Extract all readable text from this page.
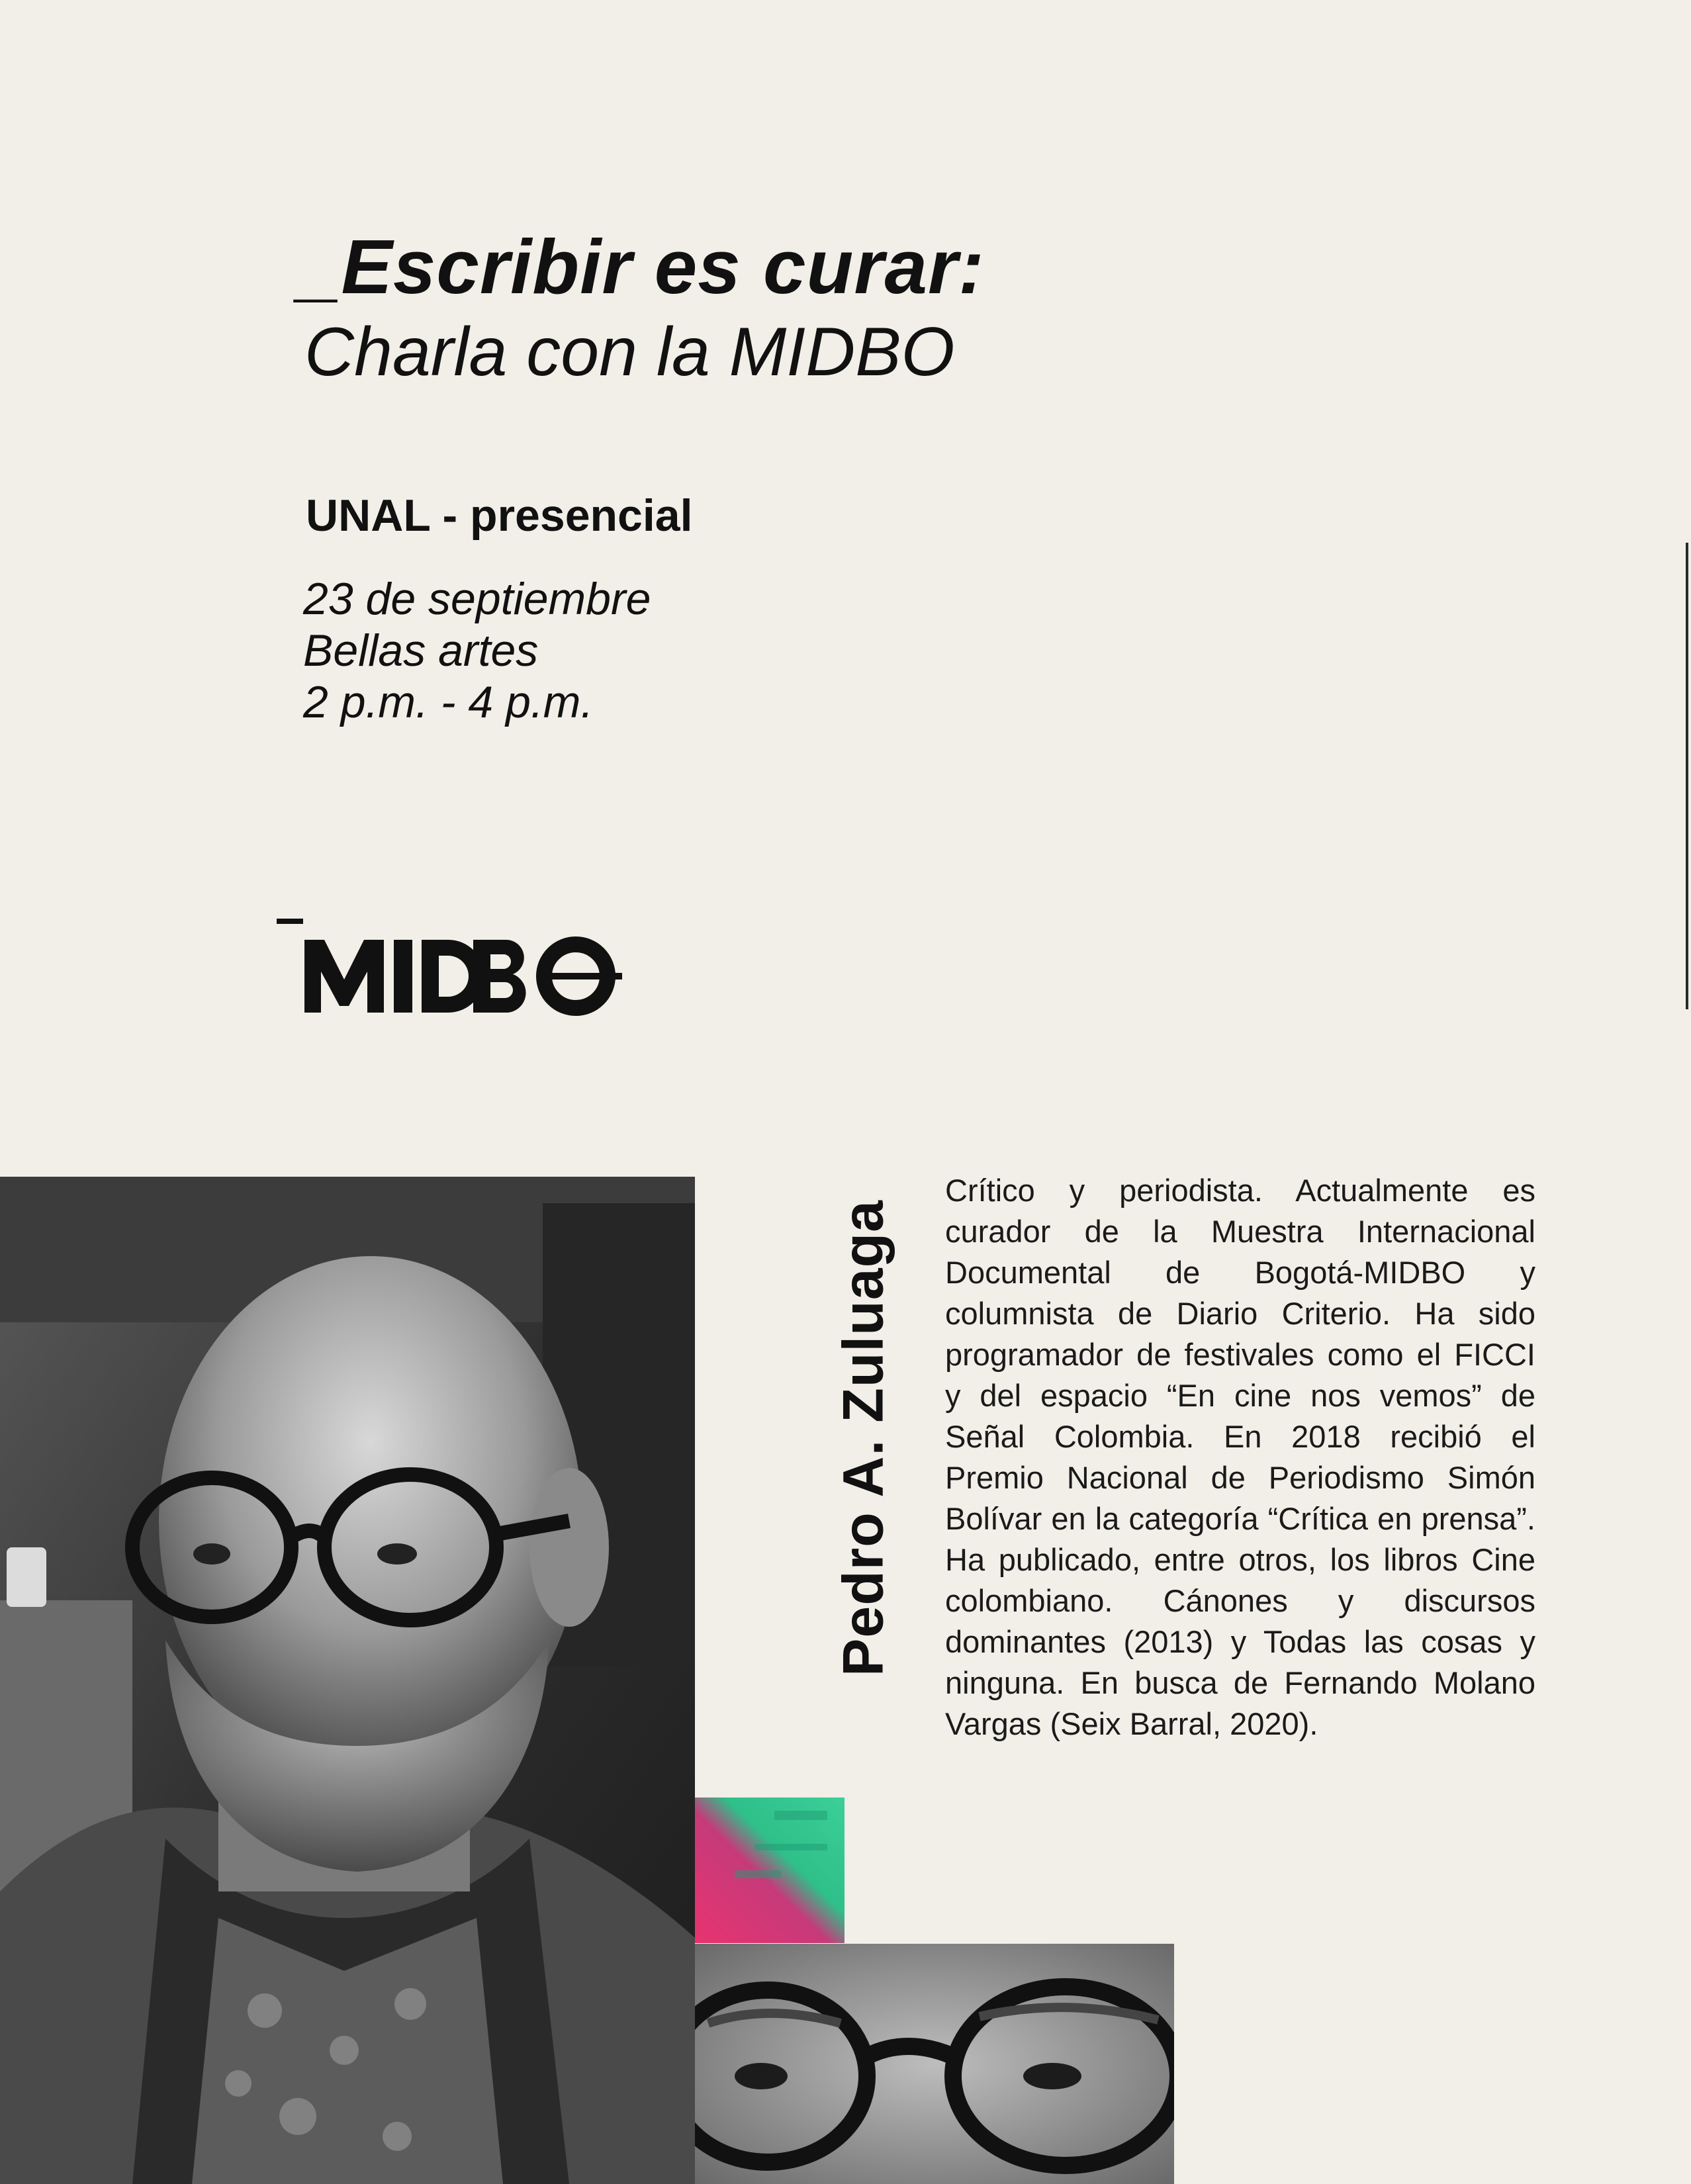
_Escribir es curar:
Charla con la MIDBO
UNAL - presencial
23 de septiembre
Bellas artes
2 p.m. - 4 p.m.
Pedro A. Zuluaga
Crítico y periodista. Actualmente es curador de la Muestra Internacional Documental de Bogotá-MIDBO y columnista de Diario Criterio. Ha sido programador de festivales como el FICCI y del espacio “En cine nos vemos” de Señal Colombia. En 2018 recibió el Premio Nacional de Periodismo Simón Bolívar en la categoría “Crítica en prensa”. Ha publicado, entre otros, los libros Cine colombiano. Cánones y discursos dominantes (2013) y Todas las cosas y ninguna. En busca de Fernando Molano Vargas (Seix Barral, 2020).
